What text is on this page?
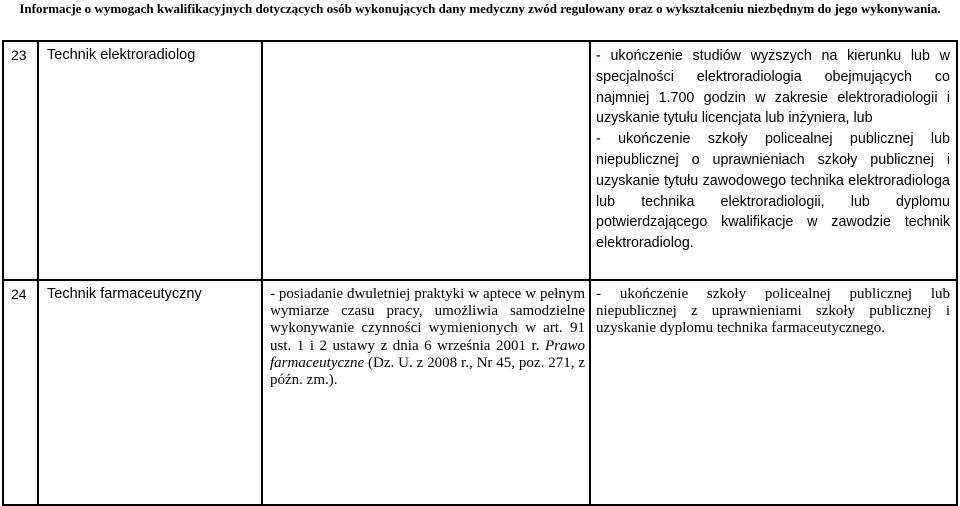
Informacje o wymogach kwalifikacyjnych dotyczących osób wykonujących dany medyczny zwód regulowany oraz o wykształceniu niezbędnym do jego wykonywania.
23	Technik elektroradiolog		- ukończenie studiów wyższych na kierunku lub w specjalności elektroradiologia obejmujących co najmniej 1.700 godzin w zakresie elektroradiologii i uzyskanie tytułu licencjata lub inżyniera, lub
- ukończenie szkoły policealnej publicznej lub niepublicznej o uprawnieniach szkoły publicznej i uzyskanie tytułu zawodowego technika elektroradiologa lub technika elektroradiologii, lub dyplomu potwierdzającego kwalifikacje w zawodzie technik elektroradiolog.

24	Technik farmaceutyczny	- posiadanie dwuletniej praktyki w aptece w pełnym wymiarze czasu pracy, umożliwia samodzielne wykonywanie czynności wymienionych w art. 91 ust. 1 i 2 ustawy z dnia 6 września 2001 r. Prawo farmaceutyczne (Dz. U. z 2008 r., Nr 45, poz. 271, z późn. zm.).	- ukończenie szkoły policealnej publicznej lub niepublicznej z uprawnieniami szkoły publicznej i uzyskanie dyplomu technika farmaceutycznego.
